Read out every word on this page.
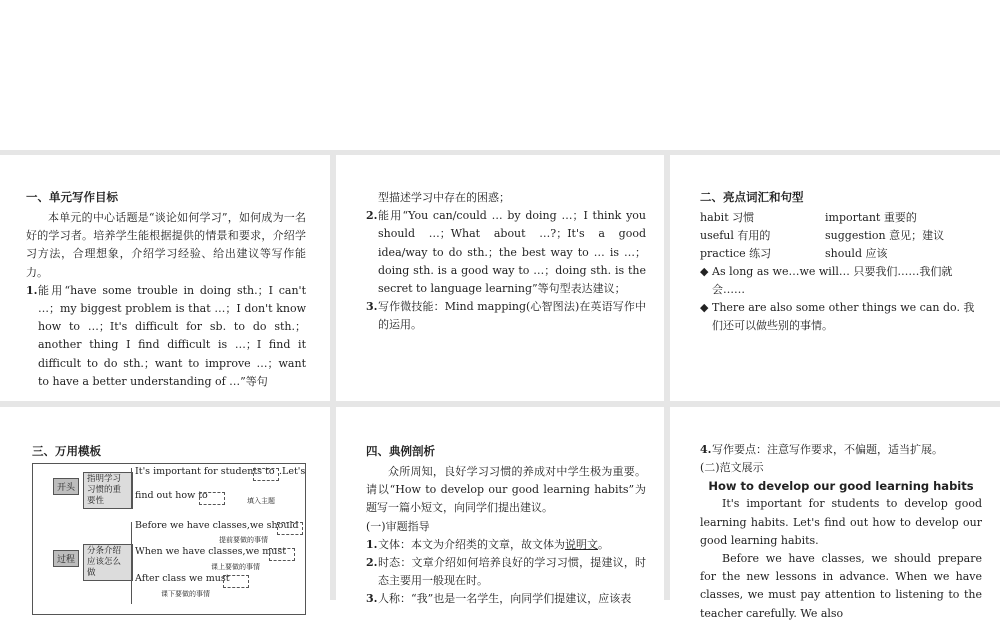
一、单元写作目标

本单元的中心话题是“谈论如何学习”，如何成为一名好的学习者。培养学生能根据提供的情景和要求，介绍学习方法，合理想象，介绍学习经验、给出建议等写作能力。

1. 能用“have some trouble in doing sth.；I can't …；my biggest problem is that …；I don't know how to …；It's difficult for sb. to do sth.；another thing I find difficult is …；I find it difficult to do sth.；want to improve …；want to have a better understanding of …”等句

型描述学习中存在的困惑；

2. 能用“You can/could … by doing …；I think you should …；What about …?；It's a good idea/way to do sth.；the best way to … is …；doing sth. is a good way to …；doing sth. is the secret to language learning”等句型表达建议；
3. 写作微技能：Mind mapping(心智图法)在英语写作中的运用。

二、亮点词汇和句型

habit 习惯	important 重要的
useful 有用的	suggestion 意见；建议
practice 练习	should 应该
◆ As long as we…we will… 只要我们……我们就会……
◆ There are also some other things we can do. 我们还可以做些别的事情。

三、万用模板

开头
指明学习习惯的重要性
It's important for students to .Let's
find out how to	填入主题
过程
分条介绍应该怎么做
Before we have classes,we should
提前要做的事情
When we have classes,we must
课上要做的事情
After class we must
课下要做的事情

四、典例剖析

众所周知，良好学习习惯的养成对中学生极为重要。请以“How to develop our good learning habits”为题写一篇小短文，向同学们提出建议。

(一)审题指导

1. 文体：本文为介绍类的文章，故文体为说明文。
2. 时态：文章介绍如何培养良好的学习习惯，提建议，时态主要用一般现在时。
3. 人称：“我”也是一名学生，向同学们提建议，应该表
4. 写作要点：注意写作要求，不偏题，适当扩展。

(二)范文展示

How to develop our good learning habits

It's important for students to develop good learning habits. Let's find out how to develop our good learning habits.

Before we have classes, we should prepare for the new lessons in advance. When we have classes, we must pay attention to listening to the teacher carefully. We also
